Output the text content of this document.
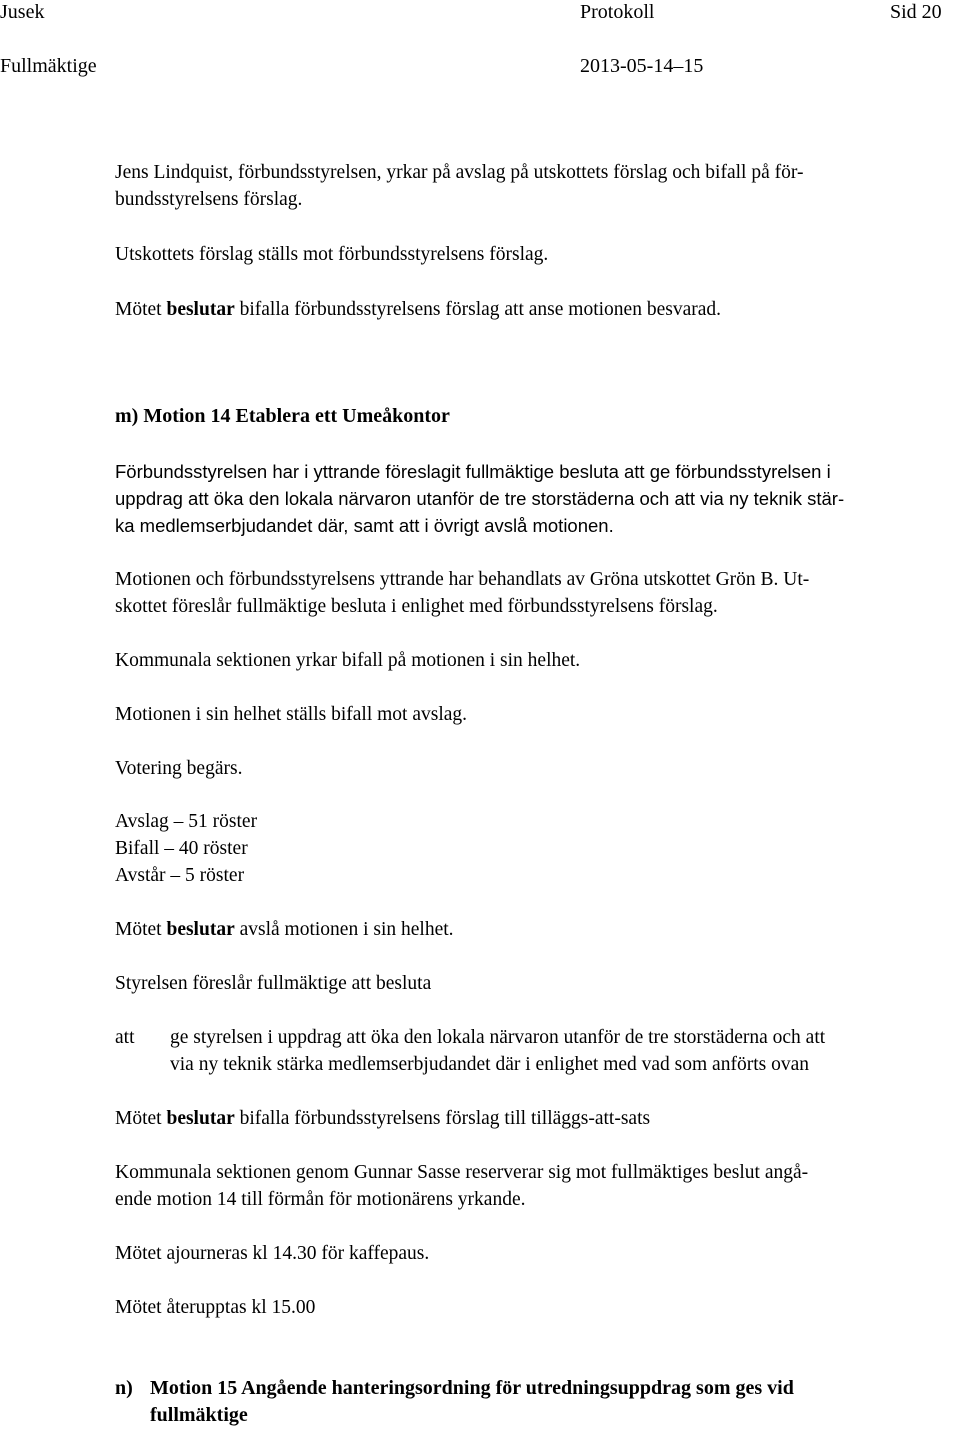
Jusek	Protokoll	Sid 20
Fullmäktige	2013-05-14–15
Jens Lindquist, förbundsstyrelsen, yrkar på avslag på utskottets förslag och bifall på för-
bundsstyrelsens förslag.
Utskottets förslag ställs mot förbundsstyrelsens förslag.
Mötet beslutar bifalla förbundsstyrelsens förslag att anse motionen besvarad.
m) Motion 14 Etablera ett Umeåkontor
Förbundsstyrelsen har i yttrande föreslagit fullmäktige besluta att ge förbundsstyrelsen i
uppdrag att öka den lokala närvaron utanför de tre storstäderna och att via ny teknik stär-
ka medlemserbjudandet där, samt att i övrigt avslå motionen.
Motionen och förbundsstyrelsens yttrande har behandlats av Gröna utskottet Grön B. Ut-
skottet föreslår fullmäktige besluta i enlighet med förbundsstyrelsens förslag.
Kommunala sektionen yrkar bifall på motionen i sin helhet.
Motionen i sin helhet ställs bifall mot avslag.
Votering begärs.
Avslag – 51 röster
Bifall – 40 röster
Avstår – 5 röster
Mötet beslutar avslå motionen i sin helhet.
Styrelsen föreslår fullmäktige att besluta
att ge styrelsen i uppdrag att öka den lokala närvaron utanför de tre storstäderna och att
via ny teknik stärka medlemserbjudandet där i enlighet med vad som anförts ovan
Mötet beslutar bifalla förbundsstyrelsens förslag till tilläggs-att-sats
Kommunala sektionen genom Gunnar Sasse reserverar sig mot fullmäktiges beslut angå-
ende motion 14 till förmån för motionärens yrkande.
Mötet ajourneras kl 14.30 för kaffepaus.
Mötet återupptas kl 15.00
n) Motion 15 Angående hanteringsordning för utredningsuppdrag som ges vid
fullmäktige
